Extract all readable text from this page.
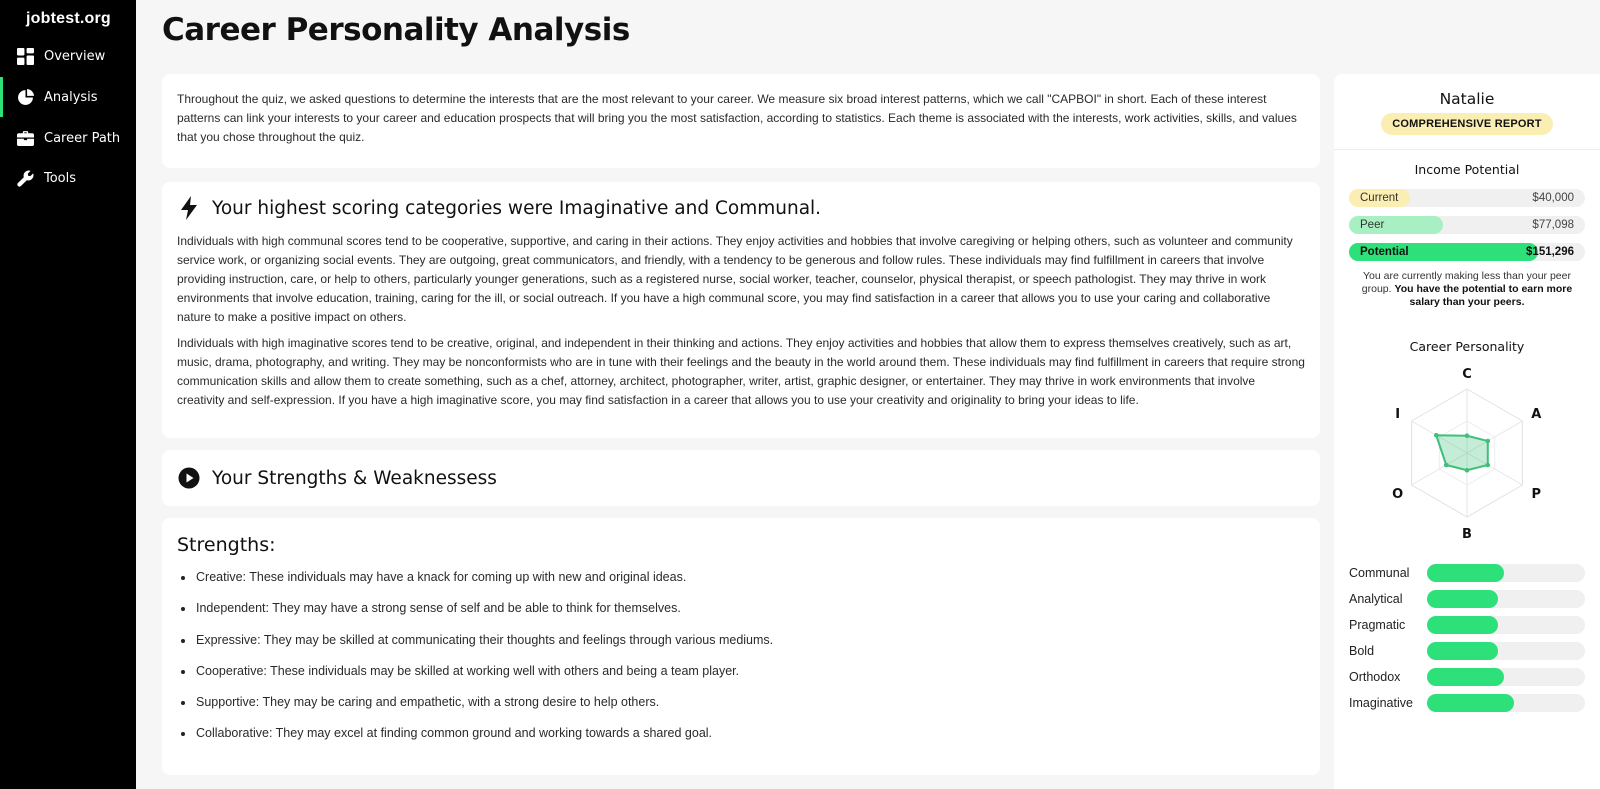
jobtest.org
Overview
Analysis
Career Path
Tools
Career Personality Analysis

Throughout the quiz, we asked questions to determine the interests that are the most relevant to your career. We measure six broad interest patterns, which we call "CAPBOI" in short. Each of these interest patterns can link your interests to your career and education prospects that will bring you the most satisfaction, according to statistics. Each theme is associated with the interests, work activities, skills, and values that you chose throughout the quiz.

Your highest scoring categories were Imaginative and Communal.

Individuals with high communal scores tend to be cooperative, supportive, and caring in their actions. They enjoy activities and hobbies that involve caregiving or helping others, such as volunteer and community service work, or organizing social events. They are outgoing, great communicators, and friendly, with a tendency to be generous and follow rules. These individuals may find fulfillment in careers that involve providing instruction, care, or help to others, particularly younger generations, such as a registered nurse, social worker, teacher, counselor, physical therapist, or speech pathologist. They may thrive in work environments that involve education, training, caring for the ill, or social outreach. If you have a high communal score, you may find satisfaction in a career that allows you to use your caring and collaborative nature to make a positive impact on others.

Individuals with high imaginative scores tend to be creative, original, and independent in their thinking and actions. They enjoy activities and hobbies that allow them to express themselves creatively, such as art, music, drama, photography, and writing. They may be nonconformists who are in tune with their feelings and the beauty in the world around them. These individuals may find fulfillment in careers that require strong communication skills and allow them to create something, such as a chef, attorney, architect, photographer, writer, artist, graphic designer, or entertainer. They may thrive in work environments that involve creativity and self-expression. If you have a high imaginative score, you may find satisfaction in a career that allows you to use your creativity and originality to bring your ideas to life.

Your Strengths & Weaknessess
Strengths:
Creative: These individuals may have a knack for coming up with new and original ideas.
Independent: They may have a strong sense of self and be able to think for themselves.
Expressive: They may be skilled at communicating their thoughts and feelings through various mediums.
Cooperative: These individuals may be skilled at working well with others and being a team player.
Supportive: They may be caring and empathetic, with a strong desire to help others.
Collaborative: They may excel at finding common ground and working towards a shared goal.
Natalie
COMPREHENSIVE REPORT
Income Potential
Current	$40,000
Peer	$77,098
Potential	$151,296
You are currently making less than your peer group. You have the potential to earn more salary than your peers.
Career Personality
C
A
P
B
O
I
Communal
Analytical
Pragmatic
Bold
Orthodox
Imaginative
